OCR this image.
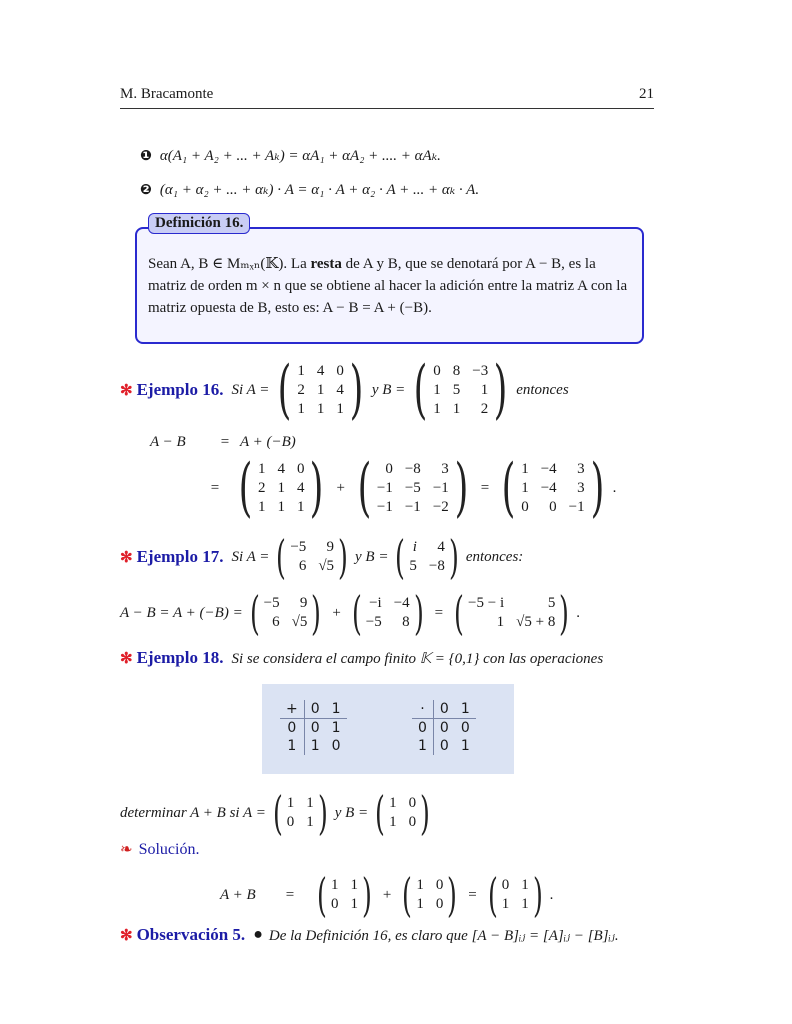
M. Bracamonte	21
❶ α(A₁ + A₂ + ... + Aₖ) = αA₁ + αA₂ + .... + αAₖ.
❷ (α₁ + α₂ + ... + αₖ) · A = α₁ · A + α₂ · A + ... + αₖ · A.
Definición 16.
Sean A, B ∈ Mₘₓₙ(𝕂). La resta de A y B, que se denotará por A − B, es la matriz de orden m × n que se obtiene al hacer la adición entre la matriz A con la matriz opuesta de B, esto es: A − B = A + (−B).
✻ Ejemplo 16. Si A = ( 1 4 0
2 1 4
1 1 1 ) y B = ( 0 8 −3
1 5	1
1 1	2 ) entonces
A − B	= A + (−B)
= ( 1 4 0
2 1 4
1 1 1 ) + ( 0 −8	3
−1 −5 −1
−1 −1 −2 ) = ( 1 −4	3
1 −4	3
0	0 −1 ) .
✻ Ejemplo 17. Si A = ( −5	9
6 √5 ) y B = ( i	4
5 −8 ) entonces:
A − B = A + (−B) = ( −5	9
6 √5 ) + ( −i −4
−5	8 ) = ( −5 − i	5
1 √5 + 8 ) .
✻ Ejemplo 18. Si se considera el campo finito 𝕂 = {0,1} con las operaciones
+	0	1
0	0	1
1	1	0
·	0	1
0	0	0
1	0	1
determinar A + B si A = ( 1 1
0 1 ) y B = ( 1 0
1 0 )
❧ Solución.
A + B	= ( 1 1
0 1 ) + ( 1 0
1 0 ) = ( 0 1
1 1 ) .
✻ Observación 5. ● De la Definición 16, es claro que [A − B]ᵢⱼ = [A]ᵢⱼ − [B]ᵢⱼ.
